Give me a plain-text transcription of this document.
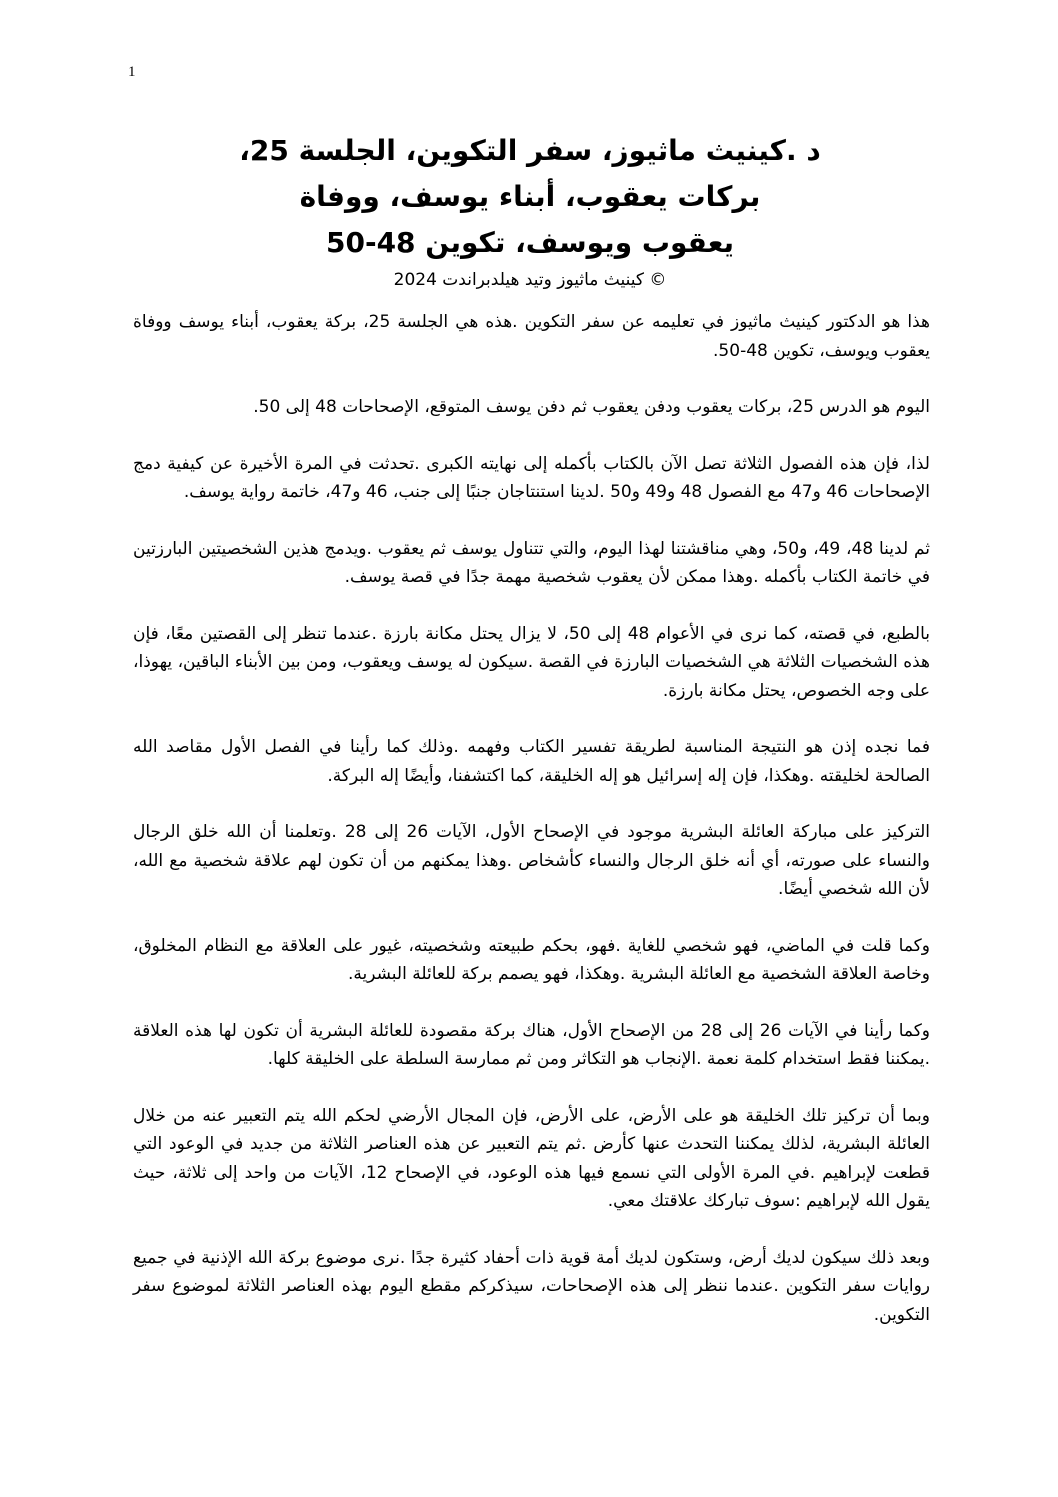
1

د .كينيث ماثيوز، سفر التكوين، الجلسة 25،

بركات يعقوب، أبناء يوسف، ووفاة

يعقوب ويوسف، تكوين 48-50

كينيث ماثيوز وتيد هيلدبراندت 2024 ©

هذا هو الدكتور كينيث ماثيوز في تعليمه عن سفر التكوين .هذه هي الجلسة 25، بركة يعقوب، أبناء يوسف ووفاة يعقوب ويوسف، تكوين 48-50.

اليوم هو الدرس 25، بركات يعقوب ودفن يعقوب ثم دفن يوسف المتوقع، الإصحاحات 48 إلى 50.

لذا، فإن هذه الفصول الثلاثة تصل الآن بالكتاب بأكمله إلى نهايته الكبرى .تحدثت في المرة الأخيرة عن كيفية دمج الإصحاحات 46 و47 مع الفصول 48 و49 و50 .لدينا استنتاجان جنبًا إلى جنب، 46 و47، خاتمة رواية يوسف.

ثم لدينا 48، 49، و50، وهي مناقشتنا لهذا اليوم، والتي تتناول يوسف ثم يعقوب .ويدمج هذين الشخصيتين البارزتين في خاتمة الكتاب بأكمله .وهذا ممكن لأن يعقوب شخصية مهمة جدًا في قصة يوسف.

بالطبع، في قصته، كما نرى في الأعوام 48 إلى 50، لا يزال يحتل مكانة بارزة .عندما تنظر إلى القصتين معًا، فإن هذه الشخصيات الثلاثة هي الشخصيات البارزة في القصة .سيكون له يوسف ويعقوب، ومن بين الأبناء الباقين، يهوذا، على وجه الخصوص، يحتل مكانة بارزة.

فما نجده إذن هو النتيجة المناسبة لطريقة تفسير الكتاب وفهمه .وذلك كما رأينا في الفصل الأول مقاصد الله الصالحة لخليقته .وهكذا، فإن إله إسرائيل هو إله الخليقة، كما اكتشفنا، وأيضًا إله البركة.

التركيز على مباركة العائلة البشرية موجود في الإصحاح الأول، الآيات 26 إلى 28 .وتعلمنا أن الله خلق الرجال والنساء على صورته، أي أنه خلق الرجال والنساء كأشخاص .وهذا يمكنهم من أن تكون لهم علاقة شخصية مع الله، لأن الله شخصي أيضًا.

وكما قلت في الماضي، فهو شخصي للغاية .فهو، بحكم طبيعته وشخصيته، غيور على العلاقة مع النظام المخلوق، وخاصة العلاقة الشخصية مع العائلة البشرية .وهكذا، فهو يصمم بركة للعائلة البشرية.

وكما رأينا في الآيات 26 إلى 28 من الإصحاح الأول، هناك بركة مقصودة للعائلة البشرية أن تكون لها هذه العلاقة .يمكننا فقط استخدام كلمة نعمة .الإنجاب هو التكاثر ومن ثم ممارسة السلطة على الخليقة كلها.

وبما أن تركيز تلك الخليقة هو على الأرض، على الأرض، فإن المجال الأرضي لحكم الله يتم التعبير عنه من خلال العائلة البشرية، لذلك يمكننا التحدث عنها كأرض .ثم يتم التعبير عن هذه العناصر الثلاثة من جديد في الوعود التي قطعت لإبراهيم .في المرة الأولى التي نسمع فيها هذه الوعود، في الإصحاح 12، الآيات من واحد إلى ثلاثة، حيث يقول الله لإبراهيم :سوف تباركك علاقتك معي.

وبعد ذلك سيكون لديك أرض، وستكون لديك أمة قوية ذات أحفاد كثيرة جدًا .نرى موضوع بركة الله الإذنية في جميع روايات سفر التكوين .عندما ننظر إلى هذه الإصحاحات، سيذكركم مقطع اليوم بهذه العناصر الثلاثة لموضوع سفر التكوين.
